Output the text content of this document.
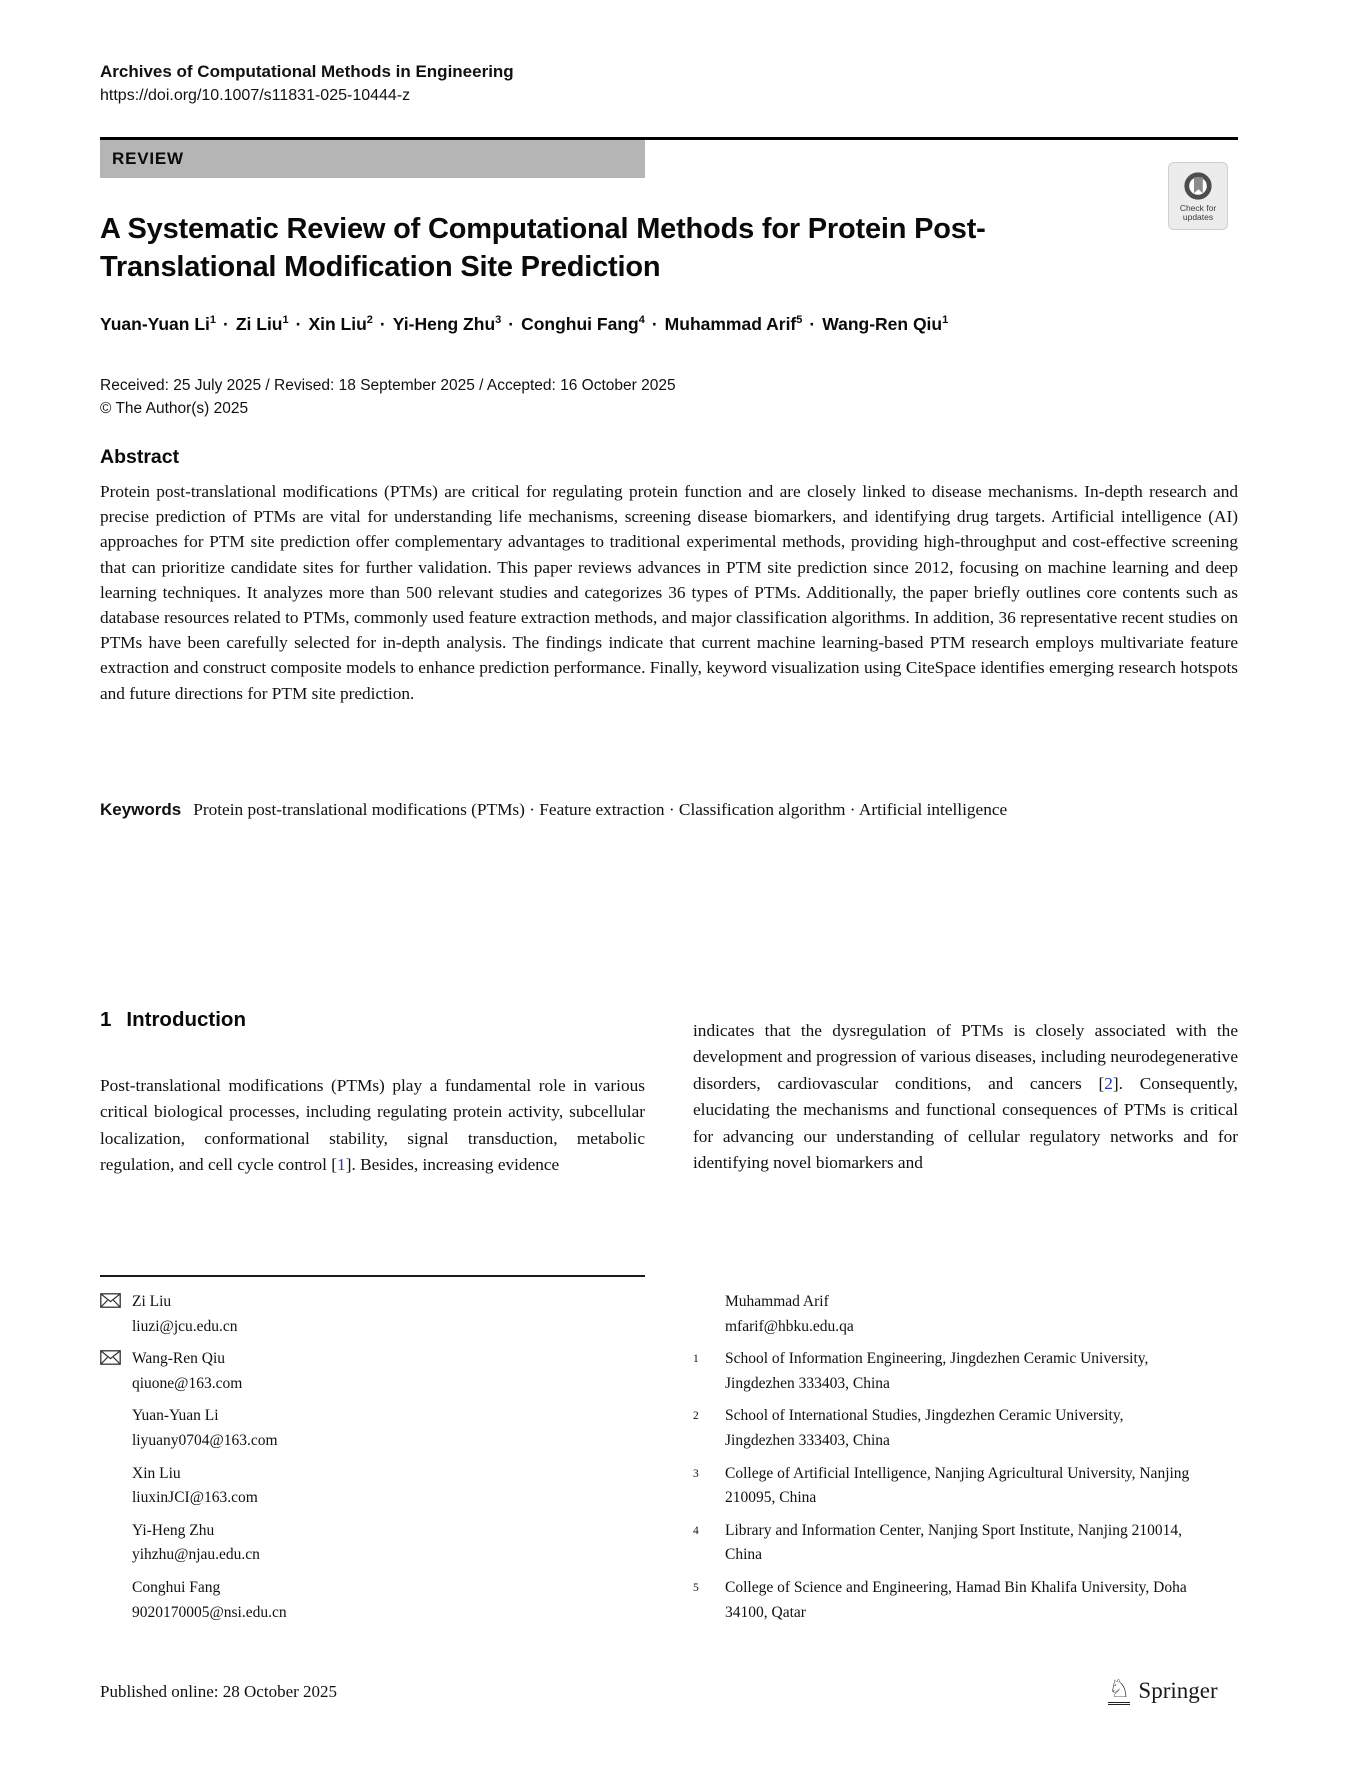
Archives of Computational Methods in Engineering
https://doi.org/10.1007/s11831-025-10444-z
REVIEW
Check for
updates
A Systematic Review of Computational Methods for Protein Post-Translational Modification Site Prediction
Yuan-Yuan $Li^1 \cdot Zi$ Liu$^1$ · Xin Liu$^2$ · Yi-Heng Zhu$^3$ · Conghui Fang$^4$ · Muhammad Arif$^5$ · Wang-Ren Qiu$^1$
Received: 25 July 2025 / Revised: 18 September 2025 / Accepted: 16 October 2025
© The Author(s) 2025
Abstract
Protein post-translational modifications (PTMs) are critical for regulating protein function and are closely linked to disease mechanisms. In-depth research and precise prediction of PTMs are vital for understanding life mechanisms, screening disease biomarkers, and identifying drug targets. Artificial intelligence (AI) approaches for PTM site prediction offer complementary advantages to traditional experimental methods, providing high-throughput and cost-effective screening that can prioritize candidate sites for further validation. This paper reviews advances in PTM site prediction since 2012, focusing on machine learning and deep learning techniques. It analyzes more than 500 relevant studies and categorizes 36 types of PTMs. Additionally, the paper briefly outlines core contents such as database resources related to PTMs, commonly used feature extraction methods, and major classification algorithms. In addition, 36 representative recent studies on PTMs have been carefully selected for in-depth analysis. The findings indicate that current machine learning-based PTM research employs multivariate feature extraction and construct composite models to enhance prediction performance. Finally, keyword visualization using CiteSpace identifies emerging research hotspots and future directions for PTM site prediction.
Keywords Protein post-translational modifications (PTMs) · Feature extraction · Classification algorithm · Artificial intelligence
1 Introduction
Post-translational modifications (PTMs) play a fundamental role in various critical biological processes, including regulating protein activity, subcellular localization, conformational stability, signal transduction, metabolic regulation, and cell cycle control [1]. Besides, increasing evidence
indicates that the dysregulation of PTMs is closely associated with the development and progression of various diseases, including neurodegenerative disorders, cardiovascular conditions, and cancers [2]. Consequently, elucidating the mechanisms and functional consequences of PTMs is critical for advancing our understanding of cellular regulatory networks and for identifying novel biomarkers and
Zi Liu
liuzi@jcu.edu.cn
Wang-Ren Qiu
qiuone@163.com
Yuan-Yuan Li
liyuany0704@163.com
Xin Liu
liuxinJCI@163.com
Yi-Heng Zhu
yihzhu@njau.edu.cn
Conghui Fang
9020170005@nsi.edu.cn
Muhammad Arif
mfarif@hbku.edu.qa
1	School of Information Engineering, Jingdezhen Ceramic University, Jingdezhen 333403, China
2	School of International Studies, Jingdezhen Ceramic University, Jingdezhen 333403, China
3	College of Artificial Intelligence, Nanjing Agricultural University, Nanjing 210095, China
4	Library and Information Center, Nanjing Sport Institute, Nanjing 210014, China
5	College of Science and Engineering, Hamad Bin Khalifa University, Doha 34100, Qatar
Published online: 28 October 2025	♘ Springer
